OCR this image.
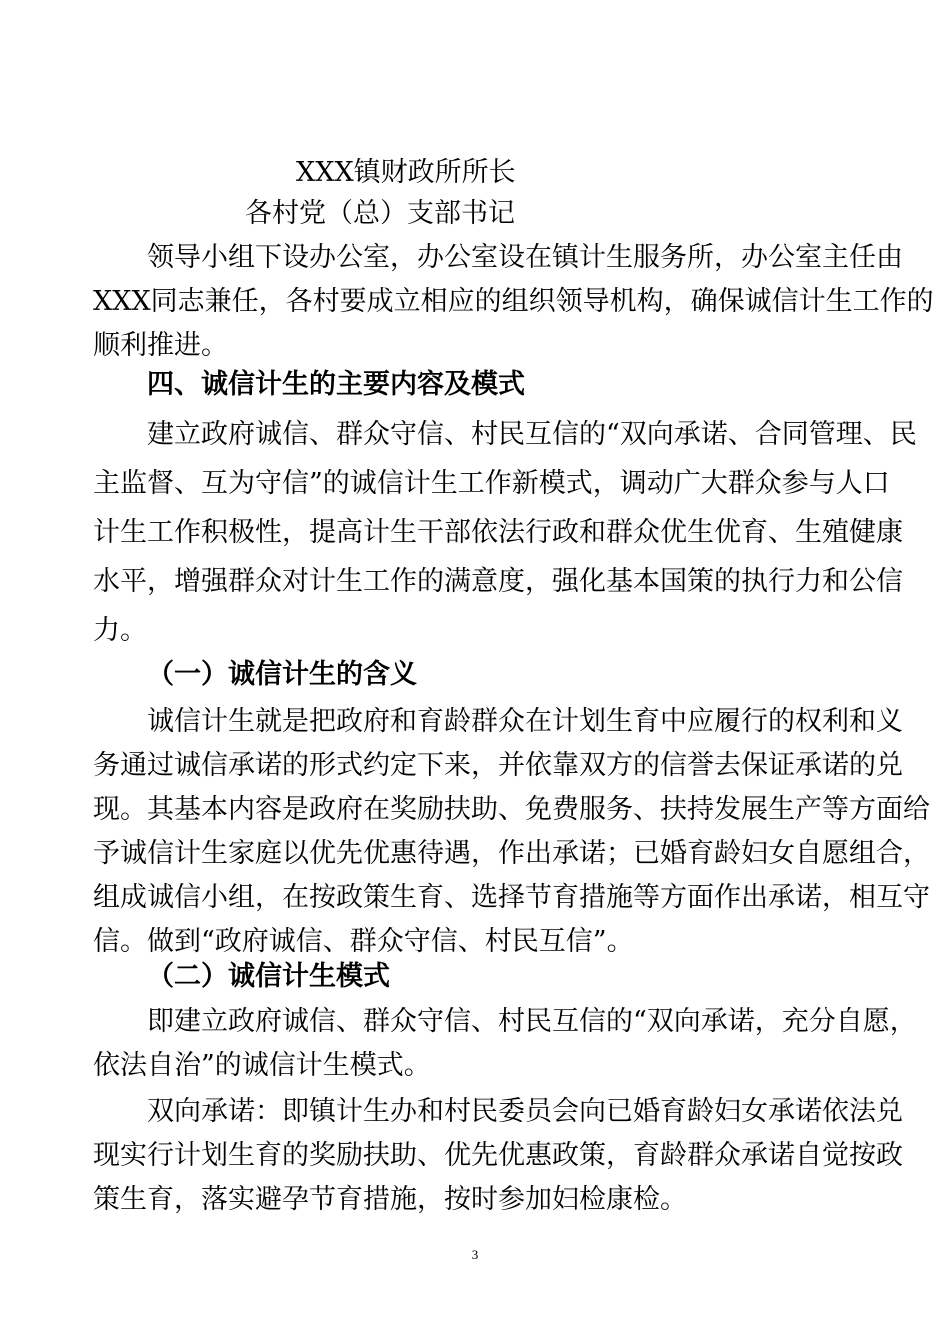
XXX镇财政所所长
各村党（总）支部书记
领导小组下设办公室，办公室设在镇计生服务所，办公室主任由
XXX同志兼任，各村要成立相应的组织领导机构，确保诚信计生工作的
顺利推进。
四、诚信计生的主要内容及模式
建立政府诚信、群众守信、村民互信的“双向承诺、合同管理、民
主监督、互为守信”的诚信计生工作新模式，调动广大群众参与人口
计生工作积极性，提高计生干部依法行政和群众优生优育、生殖健康
水平，增强群众对计生工作的满意度，强化基本国策的执行力和公信
力。
（一）诚信计生的含义
诚信计生就是把政府和育龄群众在计划生育中应履行的权利和义
务通过诚信承诺的形式约定下来，并依靠双方的信誉去保证承诺的兑
现。其基本内容是政府在奖励扶助、免费服务、扶持发展生产等方面给
予诚信计生家庭以优先优惠待遇，作出承诺；已婚育龄妇女自愿组合，
组成诚信小组，在按政策生育、选择节育措施等方面作出承诺，相互守
信。做到“政府诚信、群众守信、村民互信”。
（二）诚信计生模式
即建立政府诚信、群众守信、村民互信的“双向承诺，充分自愿，
依法自治”的诚信计生模式。
双向承诺：即镇计生办和村民委员会向已婚育龄妇女承诺依法兑
现实行计划生育的奖励扶助、优先优惠政策，育龄群众承诺自觉按政
策生育，落实避孕节育措施，按时参加妇检康检。
3
